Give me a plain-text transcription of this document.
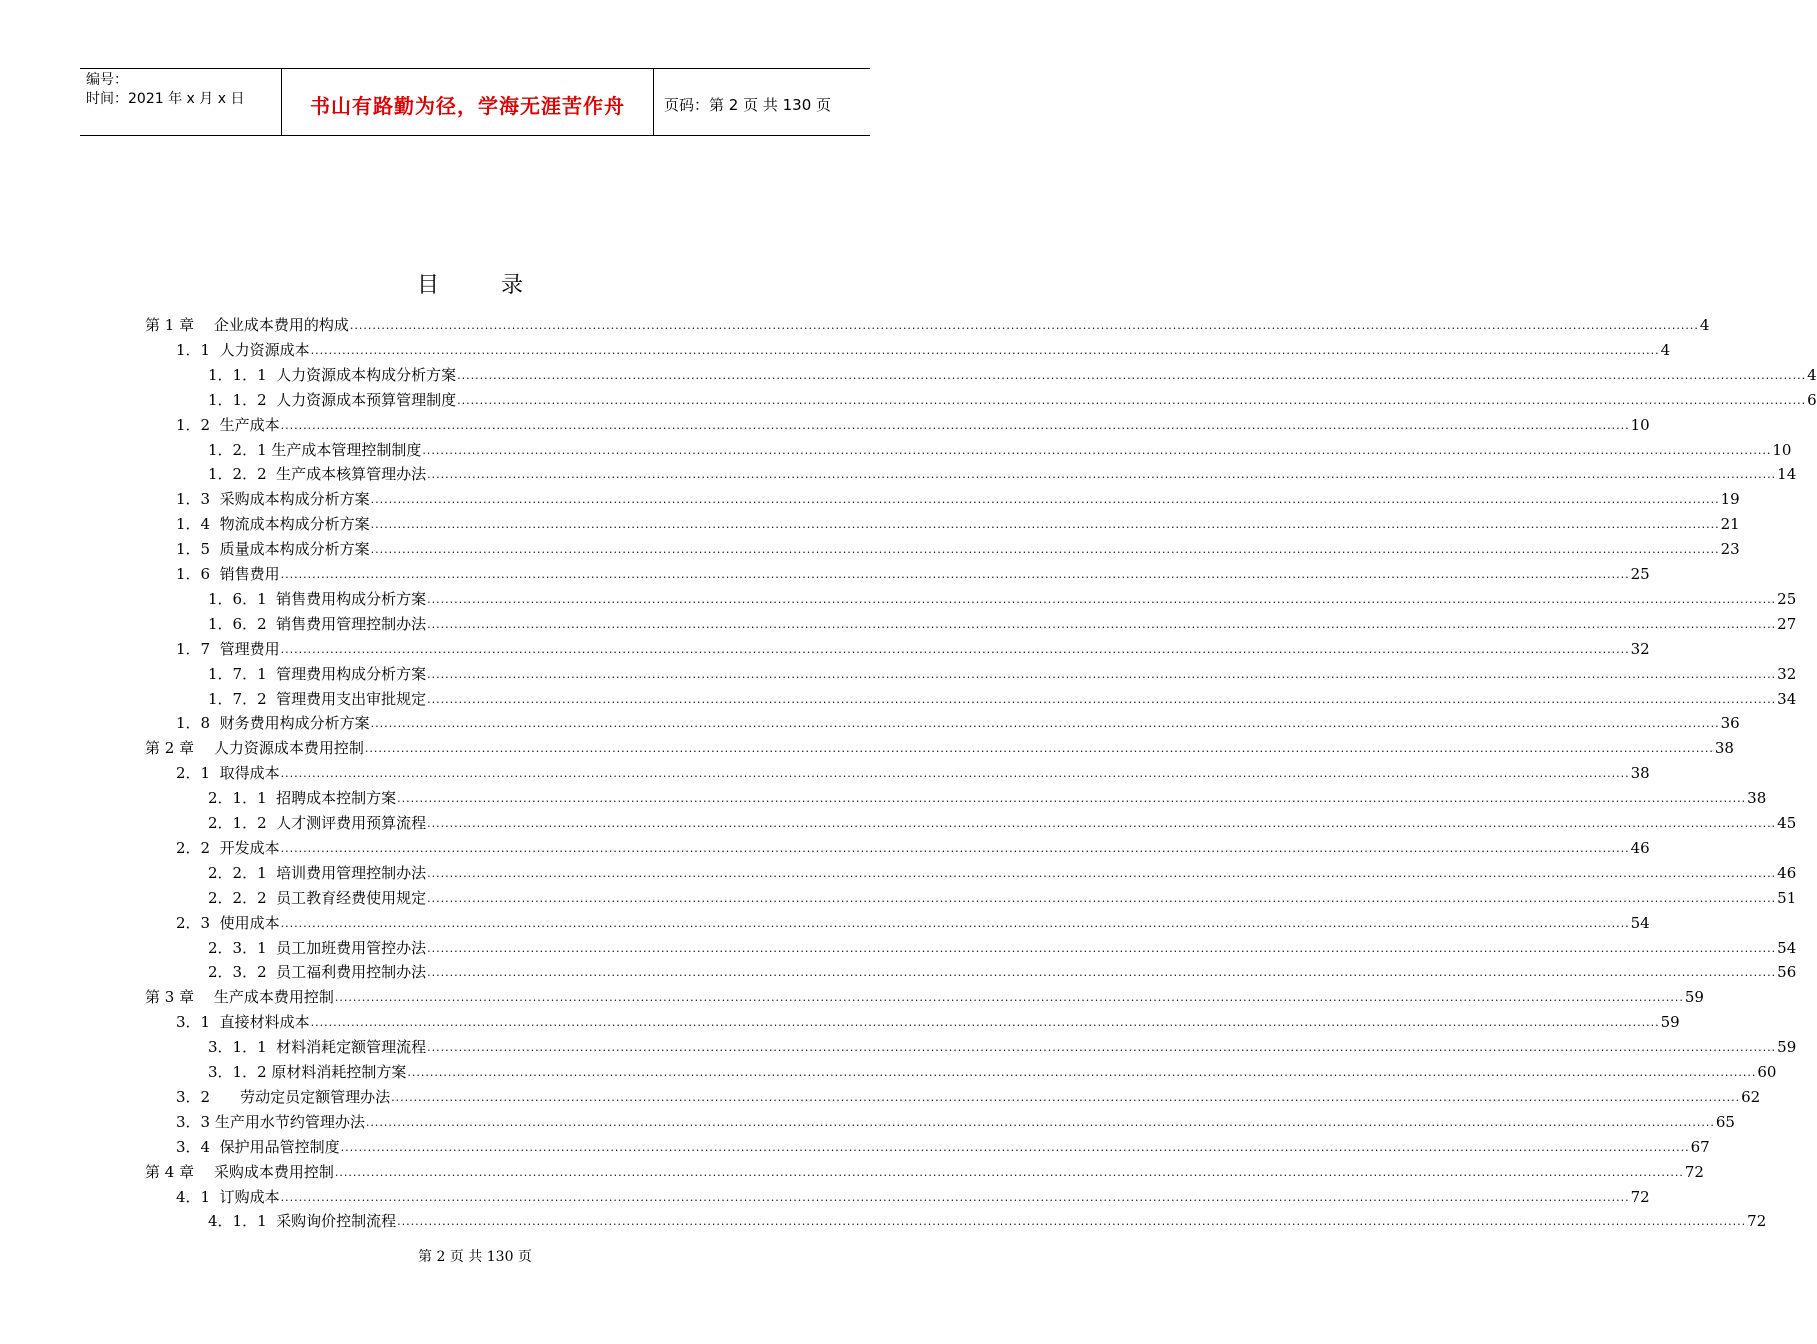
编号：
时间：2021 年 x 月 x 日	书山有路勤为径，学海无涯苦作舟	页码：第 2 页 共 130 页
目　录
第 1 章　 企业成本费用的构成 ............................................................................................................................................................................................................................................................................................................ 4
1．1  人力资源成本 ............................................................................................................................................................................................................................................................................................................ 4
1．1．1  人力资源成本构成分析方案 ............................................................................................................................................................................................................................................................................................................ 4
1．1．2  人力资源成本预算管理制度 ............................................................................................................................................................................................................................................................................................................ 6
1．2  生产成本 ............................................................................................................................................................................................................................................................................................................ 10
1．2．1 生产成本管理控制制度 ............................................................................................................................................................................................................................................................................................................ 10
1．2．2  生产成本核算管理办法 ............................................................................................................................................................................................................................................................................................................ 14
1．3  采购成本构成分析方案 ............................................................................................................................................................................................................................................................................................................ 19
1．4  物流成本构成分析方案 ............................................................................................................................................................................................................................................................................................................ 21
1．5  质量成本构成分析方案 ............................................................................................................................................................................................................................................................................................................ 23
1．6  销售费用 ............................................................................................................................................................................................................................................................................................................ 25
1．6．1  销售费用构成分析方案 ............................................................................................................................................................................................................................................................................................................ 25
1．6．2  销售费用管理控制办法 ............................................................................................................................................................................................................................................................................................................ 27
1．7  管理费用 ............................................................................................................................................................................................................................................................................................................ 32
1．7．1  管理费用构成分析方案 ............................................................................................................................................................................................................................................................................................................ 32
1．7．2  管理费用支出审批规定 ............................................................................................................................................................................................................................................................................................................ 34
1．8  财务费用构成分析方案 ............................................................................................................................................................................................................................................................................................................ 36
第 2 章　 人力资源成本费用控制 ............................................................................................................................................................................................................................................................................................................ 38
2．1  取得成本 ............................................................................................................................................................................................................................................................................................................ 38
2．1．1  招聘成本控制方案 ............................................................................................................................................................................................................................................................................................................ 38
2．1．2  人才测评费用预算流程 ............................................................................................................................................................................................................................................................................................................ 45
2．2  开发成本 ............................................................................................................................................................................................................................................................................................................ 46
2．2．1  培训费用管理控制办法 ............................................................................................................................................................................................................................................................................................................ 46
2．2．2  员工教育经费使用规定 ............................................................................................................................................................................................................................................................................................................ 51
2．3  使用成本 ............................................................................................................................................................................................................................................................................................................ 54
2．3．1  员工加班费用管控办法 ............................................................................................................................................................................................................................................................................................................ 54
2．3．2  员工福利费用控制办法 ............................................................................................................................................................................................................................................................................................................ 56
第 3 章　 生产成本费用控制 ............................................................................................................................................................................................................................................................................................................ 59
3．1  直接材料成本 ............................................................................................................................................................................................................................................................................................................ 59
3．1．1  材料消耗定额管理流程 ............................................................................................................................................................................................................................................................................................................ 59
3．1．2 原材料消耗控制方案 ............................................................................................................................................................................................................................................................................................................ 60
3．2　　劳动定员定额管理办法 ............................................................................................................................................................................................................................................................................................................ 62
3．3 生产用水节约管理办法 ............................................................................................................................................................................................................................................................................................................ 65
3．4  保护用品管控制度 ............................................................................................................................................................................................................................................................................................................ 67
第 4 章　 采购成本费用控制 ............................................................................................................................................................................................................................................................................................................ 72
4．1  订购成本 ............................................................................................................................................................................................................................................................................................................ 72
4．1．1  采购询价控制流程 ............................................................................................................................................................................................................................................................................................................ 72
第 2 页 共 130 页
